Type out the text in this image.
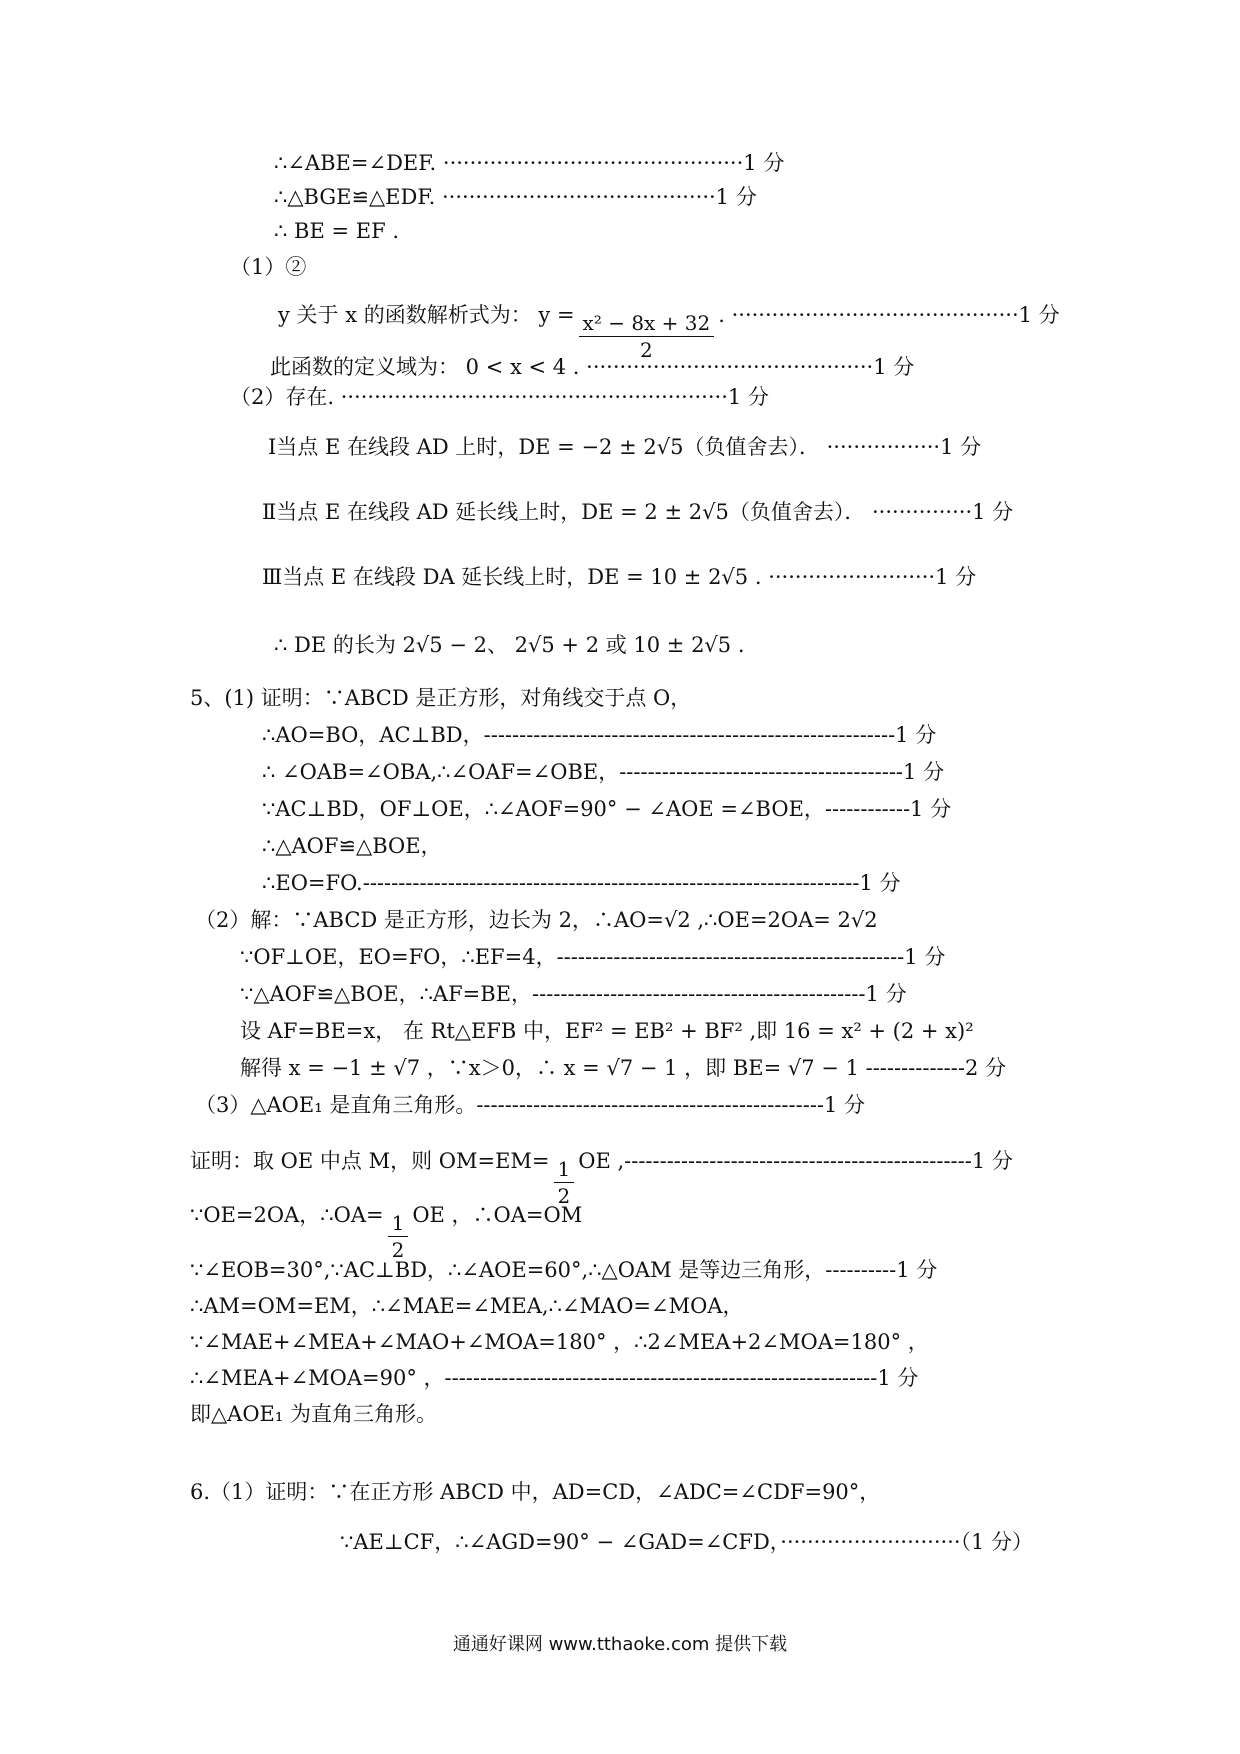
∴∠ABE=∠DEF. ·············································1 分
∴△BGE≌△EDF. ·········································1 分
∴ BE = EF .
（1）②
y 关于 x 的函数解析式为： $y = \frac{\text{x² − 8x + 32}}{2}$ . ···········································1 分
此函数的定义域为： 0 < x < 4 . ···········································1 分
（2）存在. ··························································1 分
Ⅰ当点 E 在线段 AD 上时，DE = −2 ± 2√5（负值舍去）． ·················1 分
Ⅱ当点 E 在线段 AD 延长线上时，DE = 2 ± 2√5（负值舍去）． ···············1 分
Ⅲ当点 E 在线段 DA 延长线上时，DE = 10 ± 2√5 . ·························1 分
∴ DE 的长为 2√5 − 2、 2√5 + 2 或 10 ± 2√5 .
5、(1) 证明：∵ABCD 是正方形，对角线交于点 O，
∴AO=BO，AC⊥BD，----------------------------------------------------------1 分
∴ ∠OAB=∠OBA,∴∠OAF=∠OBE，----------------------------------------1 分
∵AC⊥BD，OF⊥OE，∴∠AOF=90° − ∠AOE =∠BOE，------------1 分
∴△AOF≌△BOE，
∴EO=FO.----------------------------------------------------------------------1 分
（2）解：∵ABCD 是正方形，边长为 2，∴AO=√2 ,∴OE=2OA= 2√2
∵OF⊥OE，EO=FO，∴EF=4，-------------------------------------------------1 分
∵△AOF≌△BOE，∴AF=BE，-----------------------------------------------1 分
设 AF=BE=x， 在 Rt△EFB 中，EF² = EB² + BF² ,即 16 = x² + (2 + x)²
解得 x = −1 ± √7 ，∵x＞0，∴ x = √7 − 1 ，即 BE= √7 − 1 --------------2 分
（3）△AOE₁ 是直角三角形。-------------------------------------------------1 分
证明：取 OE 中点 M，则 $OM=EM= \frac{1}{2}$ OE ,-------------------------------------------------1 分
∵OE=2OA，∴OA= $\frac{1}{2}$ OE ，∴OA=OM
∵∠EOB=30°,∵AC⊥BD，∴∠AOE=60°,∴△OAM 是等边三角形，----------1 分
∴AM=OM=EM，∴∠MAE=∠MEA,∴∠MAO=∠MOA，
∵∠MAE+∠MEA+∠MAO+∠MOA=180° ，∴2∠MEA+2∠MOA=180° ，
∴∠MEA+∠MOA=90° ，-------------------------------------------------------------1 分
即△AOE₁ 为直角三角形。
6.（1）证明：∵在正方形 ABCD 中，AD=CD，∠ADC=∠CDF=90°，
∵AE⊥CF，∴∠AGD=90° − ∠GAD=∠CFD，···························（1 分）
通通好课网 www.tthaoke.com 提供下载
